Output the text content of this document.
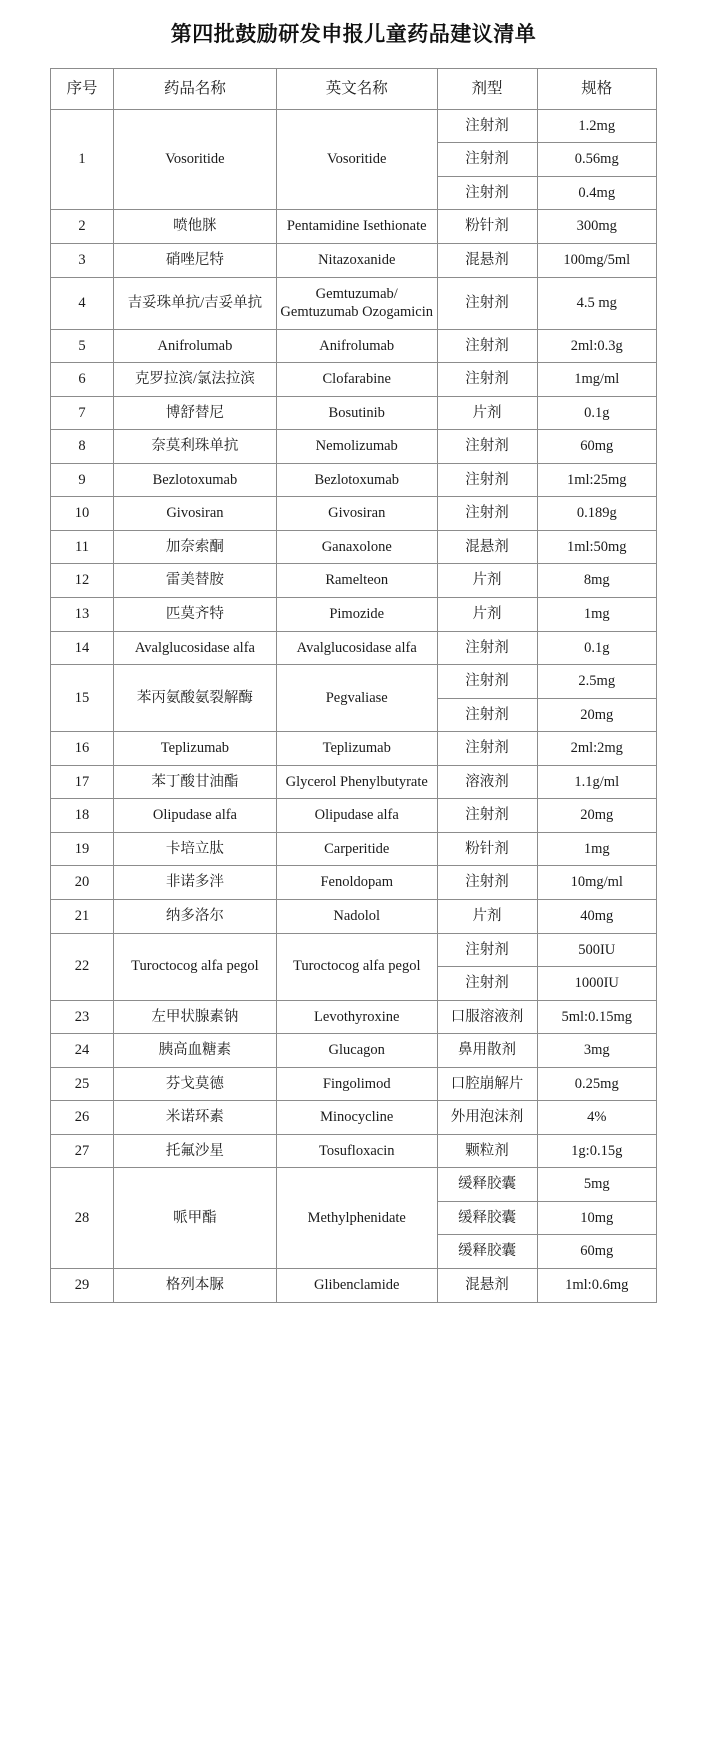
第四批鼓励研发申报儿童药品建议清单
序号	药品名称	英文名称	剂型	规格
1	Vosoritide	Vosoritide	注射剂	1.2mg
			注射剂	0.56mg
			注射剂	0.4mg
2	喷他脒	Pentamidine Isethionate	粉针剂	300mg
3	硝唑尼特	Nitazoxanide	混悬剂	100mg/5ml
4	吉妥珠单抗/吉妥单抗	Gemtuzumab/ Gemtuzumab Ozogamicin	注射剂	4.5 mg
5	Anifrolumab	Anifrolumab	注射剂	2ml:0.3g
6	克罗拉滨/氯法拉滨	Clofarabine	注射剂	1mg/ml
7	博舒替尼	Bosutinib	片剂	0.1g
8	奈莫利珠单抗	Nemolizumab	注射剂	60mg
9	Bezlotoxumab	Bezlotoxumab	注射剂	1ml:25mg
10	Givosiran	Givosiran	注射剂	0.189g
11	加奈索酮	Ganaxolone	混悬剂	1ml:50mg
12	雷美替胺	Ramelteon	片剂	8mg
13	匹莫齐特	Pimozide	片剂	1mg
14	Avalglucosidase alfa	Avalglucosidase alfa	注射剂	0.1g
15	苯丙氨酸氨裂解酶	Pegvaliase	注射剂	2.5mg
			注射剂	20mg
16	Teplizumab	Teplizumab	注射剂	2ml:2mg
17	苯丁酸甘油酯	Glycerol Phenylbutyrate	溶液剂	1.1g/ml
18	Olipudase alfa	Olipudase alfa	注射剂	20mg
19	卡培立肽	Carperitide	粉针剂	1mg
20	非诺多泮	Fenoldopam	注射剂	10mg/ml
21	纳多洛尔	Nadolol	片剂	40mg
22	Turoctocog alfa pegol	Turoctocog alfa pegol	注射剂	500IU
			注射剂	1000IU
23	左甲状腺素钠	Levothyroxine	口服溶液剂	5ml:0.15mg
24	胰高血糖素	Glucagon	鼻用散剂	3mg
25	芬戈莫德	Fingolimod	口腔崩解片	0.25mg
26	米诺环素	Minocycline	外用泡沫剂	4%
27	托氟沙星	Tosufloxacin	颗粒剂	1g:0.15g
28	哌甲酯	Methylphenidate	缓释胶囊	5mg
			缓释胶囊	10mg
			缓释胶囊	60mg
29	格列本脲	Glibenclamide	混悬剂	1ml:0.6mg
